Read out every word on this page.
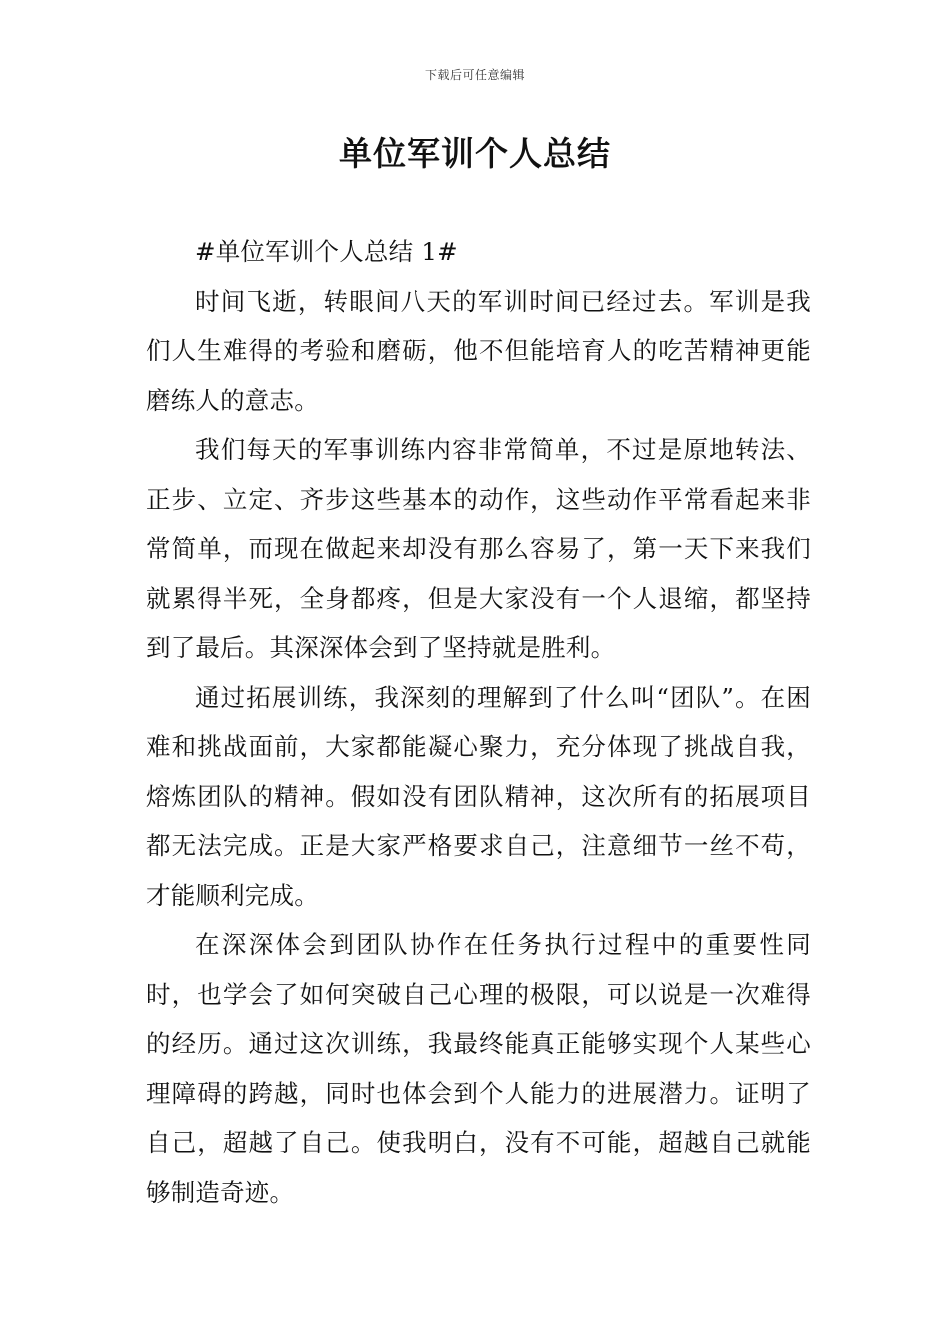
下载后可任意编辑
单位军训个人总结

#单位军训个人总结 1#

时间飞逝，转眼间八天的军训时间已经过去。军训是我们人生难得的考验和磨砺，他不但能培育人的吃苦精神更能磨练人的意志。

我们每天的军事训练内容非常简单，不过是原地转法、正步、立定、齐步这些基本的动作，这些动作平常看起来非常简单，而现在做起来却没有那么容易了，第一天下来我们就累得半死，全身都疼，但是大家没有一个人退缩，都坚持到了最后。其深深体会到了坚持就是胜利。

通过拓展训练，我深刻的理解到了什么叫“团队”。在困难和挑战面前，大家都能凝心聚力，充分体现了挑战自我，熔炼团队的精神。假如没有团队精神，这次所有的拓展项目都无法完成。正是大家严格要求自己，注意细节一丝不苟，才能顺利完成。

在深深体会到团队协作在任务执行过程中的重要性同时，也学会了如何突破自己心理的极限，可以说是一次难得的经历。通过这次训练，我最终能真正能够实现个人某些心理障碍的跨越，同时也体会到个人能力的进展潜力。证明了自己，超越了自己。使我明白，没有不可能，超越自己就能够制造奇迹。
